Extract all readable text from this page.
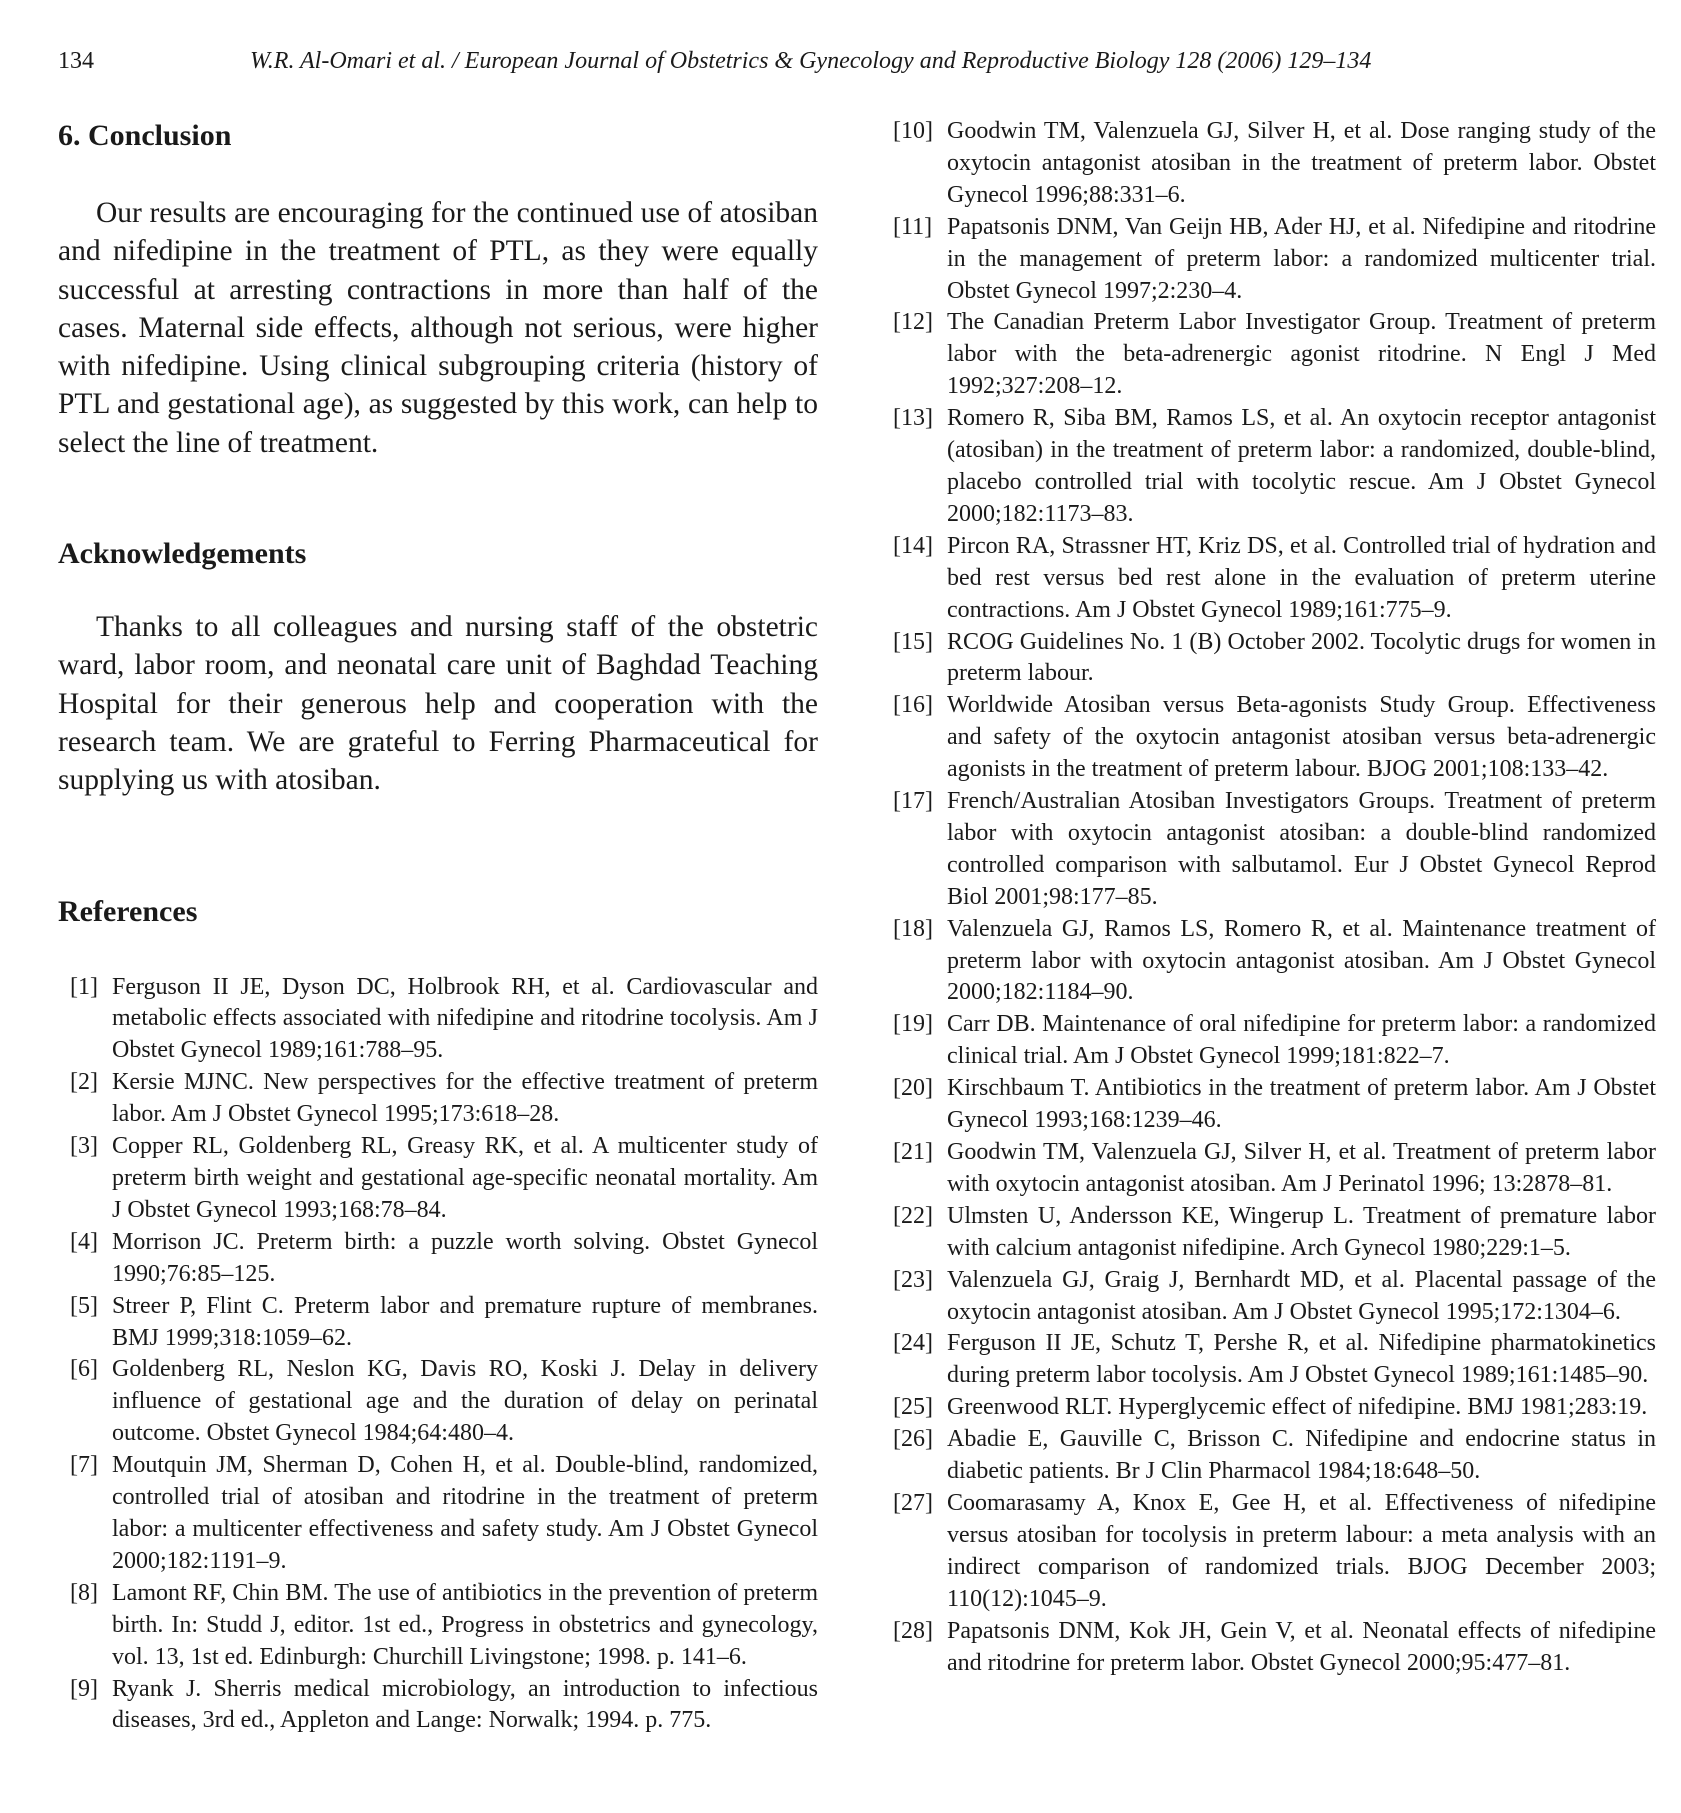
134	W.R. Al-Omari et al. / European Journal of Obstetrics & Gynecology and Reproductive Biology 128 (2006) 129–134
6. Conclusion

Our results are encouraging for the continued use of atosiban and nifedipine in the treatment of PTL, as they were equally successful at arresting contractions in more than half of the cases. Maternal side effects, although not serious, were higher with nifedipine. Using clinical subgrouping criteria (history of PTL and gestational age), as suggested by this work, can help to select the line of treatment.

Acknowledgements

Thanks to all colleagues and nursing staff of the obstetric ward, labor room, and neonatal care unit of Baghdad Teaching Hospital for their generous help and cooperation with the research team. We are grateful to Ferring Pharmaceutical for supplying us with atosiban.

References
[1] Ferguson II JE, Dyson DC, Holbrook RH, et al. Cardiovascular and metabolic effects associated with nifedipine and ritodrine tocolysis. Am J Obstet Gynecol 1989;161:788–95.
[2] Kersie MJNC. New perspectives for the effective treatment of preterm labor. Am J Obstet Gynecol 1995;173:618–28.
[3] Copper RL, Goldenberg RL, Greasy RK, et al. A multicenter study of preterm birth weight and gestational age-specific neonatal mortality. Am J Obstet Gynecol 1993;168:78–84.
[4] Morrison JC. Preterm birth: a puzzle worth solving. Obstet Gynecol 1990;76:85–125.
[5] Streer P, Flint C. Preterm labor and premature rupture of membranes. BMJ 1999;318:1059–62.
[6] Goldenberg RL, Neslon KG, Davis RO, Koski J. Delay in delivery influence of gestational age and the duration of delay on perinatal outcome. Obstet Gynecol 1984;64:480–4.
[7] Moutquin JM, Sherman D, Cohen H, et al. Double-blind, randomized, controlled trial of atosiban and ritodrine in the treatment of preterm labor: a multicenter effectiveness and safety study. Am J Obstet Gynecol 2000;182:1191–9.
[8] Lamont RF, Chin BM. The use of antibiotics in the prevention of preterm birth. In: Studd J, editor. 1st ed., Progress in obstetrics and gynecology, vol. 13, 1st ed. Edinburgh: Churchill Livingstone; 1998. p. 141–6.
[9] Ryank J. Sherris medical microbiology, an introduction to infectious diseases, 3rd ed., Appleton and Lange: Norwalk; 1994. p. 775.
[10] Goodwin TM, Valenzuela GJ, Silver H, et al. Dose ranging study of the oxytocin antagonist atosiban in the treatment of preterm labor. Obstet Gynecol 1996;88:331–6.
[11] Papatsonis DNM, Van Geijn HB, Ader HJ, et al. Nifedipine and ritodrine in the management of preterm labor: a randomized multicenter trial. Obstet Gynecol 1997;2:230–4.
[12] The Canadian Preterm Labor Investigator Group. Treatment of preterm labor with the beta-adrenergic agonist ritodrine. N Engl J Med 1992;327:208–12.
[13] Romero R, Siba BM, Ramos LS, et al. An oxytocin receptor antagonist (atosiban) in the treatment of preterm labor: a randomized, double-blind, placebo controlled trial with tocolytic rescue. Am J Obstet Gynecol 2000;182:1173–83.
[14] Pircon RA, Strassner HT, Kriz DS, et al. Controlled trial of hydration and bed rest versus bed rest alone in the evaluation of preterm uterine contractions. Am J Obstet Gynecol 1989;161:775–9.
[15] RCOG Guidelines No. 1 (B) October 2002. Tocolytic drugs for women in preterm labour.
[16] Worldwide Atosiban versus Beta-agonists Study Group. Effectiveness and safety of the oxytocin antagonist atosiban versus beta-adrenergic agonists in the treatment of preterm labour. BJOG 2001;108:133–42.
[17] French/Australian Atosiban Investigators Groups. Treatment of preterm labor with oxytocin antagonist atosiban: a double-blind randomized controlled comparison with salbutamol. Eur J Obstet Gynecol Reprod Biol 2001;98:177–85.
[18] Valenzuela GJ, Ramos LS, Romero R, et al. Maintenance treatment of preterm labor with oxytocin antagonist atosiban. Am J Obstet Gynecol 2000;182:1184–90.
[19] Carr DB. Maintenance of oral nifedipine for preterm labor: a randomized clinical trial. Am J Obstet Gynecol 1999;181:822–7.
[20] Kirschbaum T. Antibiotics in the treatment of preterm labor. Am J Obstet Gynecol 1993;168:1239–46.
[21] Goodwin TM, Valenzuela GJ, Silver H, et al. Treatment of preterm labor with oxytocin antagonist atosiban. Am J Perinatol 1996; 13:2878–81.
[22] Ulmsten U, Andersson KE, Wingerup L. Treatment of premature labor with calcium antagonist nifedipine. Arch Gynecol 1980;229:1–5.
[23] Valenzuela GJ, Graig J, Bernhardt MD, et al. Placental passage of the oxytocin antagonist atosiban. Am J Obstet Gynecol 1995;172:1304–6.
[24] Ferguson II JE, Schutz T, Pershe R, et al. Nifedipine pharmatokinetics during preterm labor tocolysis. Am J Obstet Gynecol 1989;161:1485–90.
[25] Greenwood RLT. Hyperglycemic effect of nifedipine. BMJ 1981;283:19.
[26] Abadie E, Gauville C, Brisson C. Nifedipine and endocrine status in diabetic patients. Br J Clin Pharmacol 1984;18:648–50.
[27] Coomarasamy A, Knox E, Gee H, et al. Effectiveness of nifedipine versus atosiban for tocolysis in preterm labour: a meta analysis with an indirect comparison of randomized trials. BJOG December 2003; 110(12):1045–9.
[28] Papatsonis DNM, Kok JH, Gein V, et al. Neonatal effects of nifedipine and ritodrine for preterm labor. Obstet Gynecol 2000;95:477–81.
